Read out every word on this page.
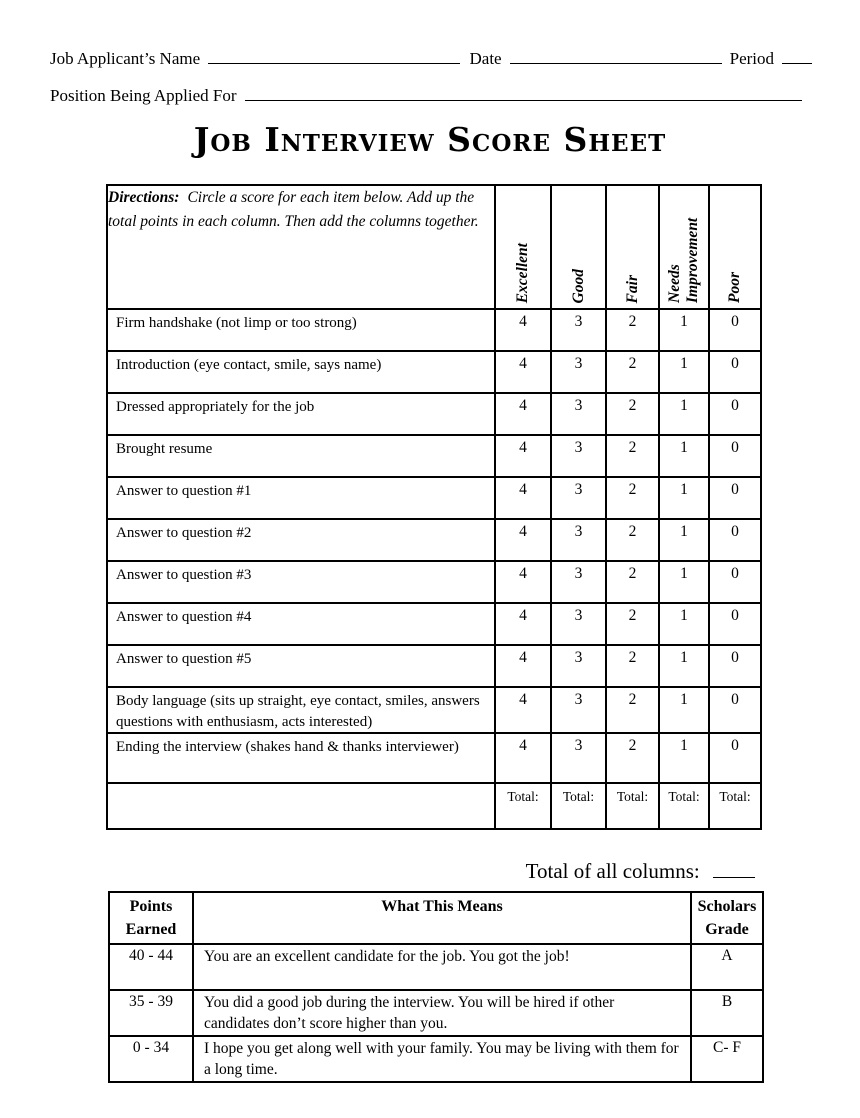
Job Applicant’s Name	Date	Period
Position Being Applied For
Job Interview Score Sheet
Directions: Circle a score for each item below. Add up the total points in each column. Then add the columns together.	Excellent	Good	Fair	Needs Improvement	Poor
Firm handshake (not limp or too strong)	4	3	2	1	0
Introduction (eye contact, smile, says name)	4	3	2	1	0
Dressed appropriately for the job	4	3	2	1	0
Brought resume	4	3	2	1	0
Answer to question #1	4	3	2	1	0
Answer to question #2	4	3	2	1	0
Answer to question #3	4	3	2	1	0
Answer to question #4	4	3	2	1	0
Answer to question #5	4	3	2	1	0
Body language (sits up straight, eye contact, smiles, answers questions with enthusiasm, acts interested)	4	3	2	1	0
Ending the interview (shakes hand & thanks interviewer)	4	3	2	1	0
	Total:	Total:	Total:	Total:	Total:
Total of all columns:
Points Earned	What This Means	Scholars Grade
40 - 44	You are an excellent candidate for the job. You got the job!	A
35 - 39	You did a good job during the interview. You will be hired if other candidates don’t score higher than you.	B
0 - 34	I hope you get along well with your family. You may be living with them for a long time.	C- F
